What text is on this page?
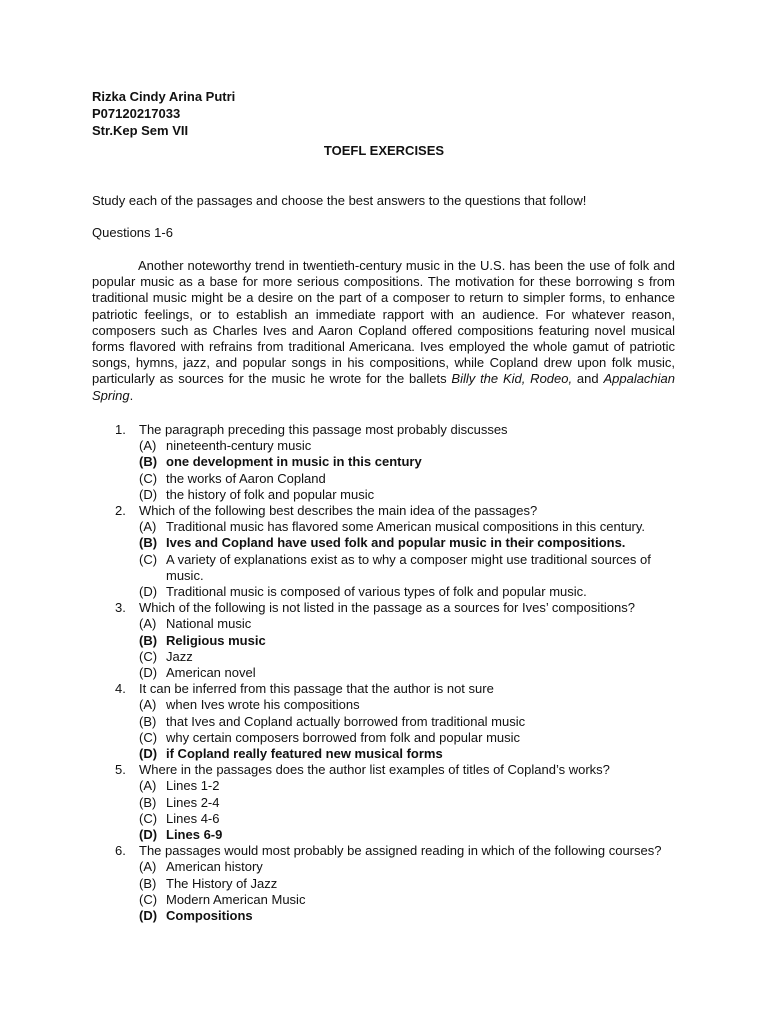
Rizka Cindy Arina Putri
P07120217033
Str.Kep Sem VII
TOEFL EXERCISES
Study each of the passages and choose the best answers to the questions that follow!
Questions 1-6
Another noteworthy trend in twentieth-century music in the U.S. has been the use of folk and popular music as a base for more serious compositions. The motivation for these borrowing s from traditional music might be a desire on the part of a composer to return to simpler forms, to enhance patriotic feelings, or to establish an immediate rapport with an audience. For whatever reason, composers such as Charles Ives and Aaron Copland offered compositions featuring novel musical forms flavored with refrains from traditional Americana. Ives employed the whole gamut of patriotic songs, hymns, jazz, and popular songs in his compositions, while Copland drew upon folk music, particularly as sources for the music he wrote for the ballets Billy the Kid, Rodeo, and Appalachian Spring.
1. The paragraph preceding this passage most probably discusses
(A) nineteenth-century music
(B) one development in music in this century
(C) the works of Aaron Copland
(D) the history of folk and popular music
2. Which of the following best describes the main idea of the passages?
(A) Traditional music has flavored some American musical compositions in this century.
(B) Ives and Copland have used folk and popular music in their compositions.
(C) A variety of explanations exist as to why a composer might use traditional sources of music.
(D) Traditional music is composed of various types of folk and popular music.
3. Which of the following is not listed in the passage as a sources for Ives’ compositions?
(A) National music
(B) Religious music
(C) Jazz
(D) American novel
4. It can be inferred from this passage that the author is not sure
(A) when Ives wrote his compositions
(B) that Ives and Copland actually borrowed from traditional music
(C) why certain composers borrowed from folk and popular music
(D) if Copland really featured new musical forms
5. Where in the passages does the author list examples of titles of Copland’s works?
(A) Lines 1-2
(B) Lines 2-4
(C) Lines 4-6
(D) Lines 6-9
6. The passages would most probably be assigned reading in which of the following courses?
(A) American history
(B) The History of Jazz
(C) Modern American Music
(D) Compositions
